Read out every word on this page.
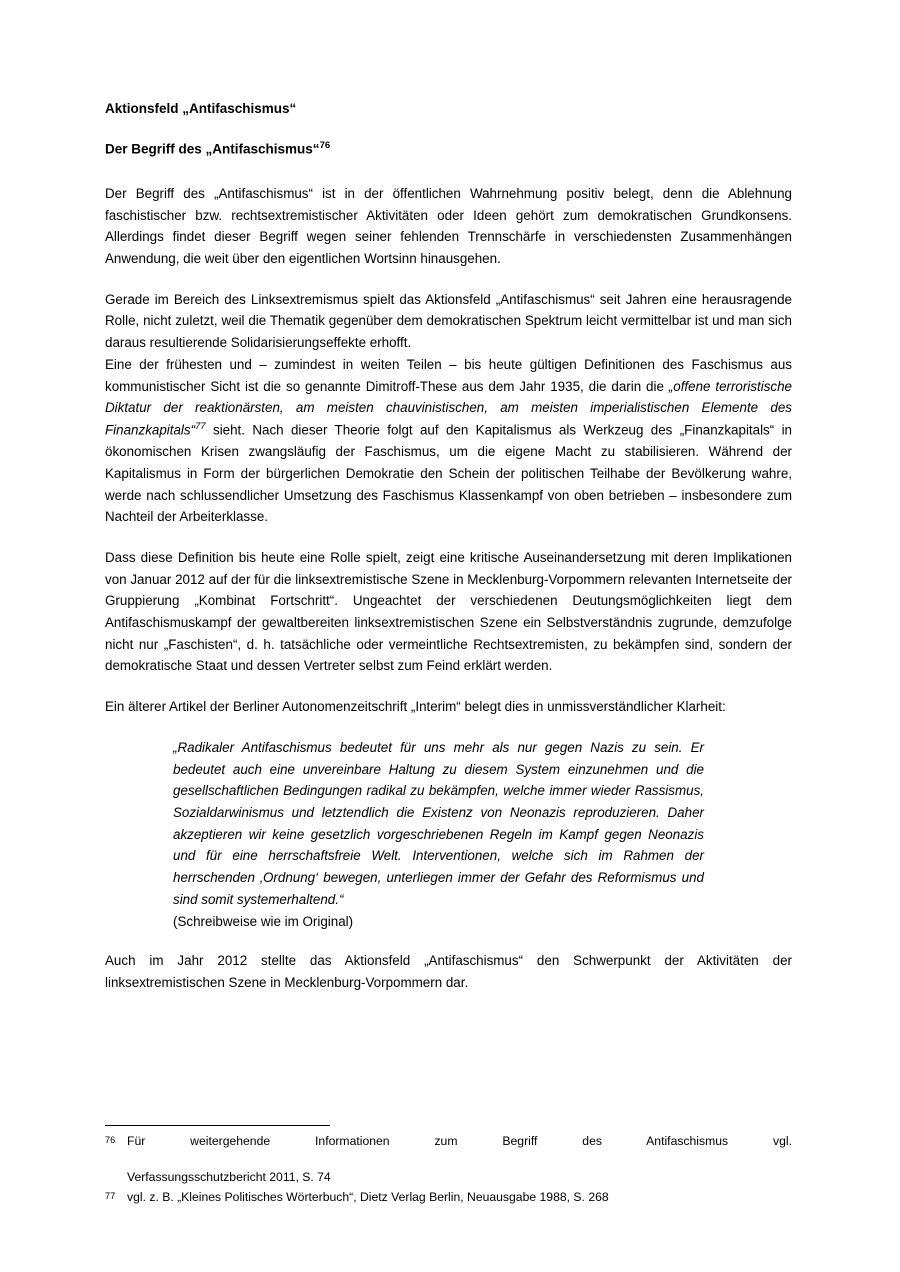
Aktionsfeld „Antifaschismus“
Der Begriff des „Antifaschismus“$^{76}$

Der Begriff des „Antifaschismus“ ist in der öffentlichen Wahrnehmung positiv belegt, denn die Ablehnung faschistischer bzw. rechtsextremistischer Aktivitäten oder Ideen gehört zum demokratischen Grundkonsens. Allerdings findet dieser Begriff wegen seiner fehlenden Trennschärfe in verschiedensten Zusammenhängen Anwendung, die weit über den eigentlichen Wortsinn hinausgehen.

Gerade im Bereich des Linksextremismus spielt das Aktionsfeld „Antifaschismus“ seit Jahren eine herausragende Rolle, nicht zuletzt, weil die Thematik gegenüber dem demokratischen Spektrum leicht vermittelbar ist und man sich daraus resultierende Solidarisierungseffekte erhofft.

Eine der frühesten und – zumindest in weiten Teilen – bis heute gültigen Definitionen des Faschismus aus kommunistischer Sicht ist die so genannte Dimitroff-These aus dem Jahr 1935, die darin die „offene terroristische Diktatur der reaktionärsten, am meisten chauvinistischen, am meisten imperialistischen Elemente des Finanzkapitals“$^{77}$ sieht. Nach dieser Theorie folgt auf den Kapitalismus als Werkzeug des „Finanzkapitals“ in ökonomischen Krisen zwangsläufig der Faschismus, um die eigene Macht zu stabilisieren. Während der Kapitalismus in Form der bürgerlichen Demokratie den Schein der politischen Teilhabe der Bevölkerung wahre, werde nach schlussendlicher Umsetzung des Faschismus Klassenkampf von oben betrieben – insbesondere zum Nachteil der Arbeiterklasse.

Dass diese Definition bis heute eine Rolle spielt, zeigt eine kritische Auseinandersetzung mit deren Implikationen von Januar 2012 auf der für die linksextremistische Szene in Mecklenburg-Vorpommern relevanten Internetseite der Gruppierung „Kombinat Fortschritt“. Ungeachtet der verschiedenen Deutungsmöglichkeiten liegt dem Antifaschismuskampf der gewaltbereiten linksextremistischen Szene ein Selbstverständnis zugrunde, demzufolge nicht nur „Faschisten“, d. h. tatsächliche oder vermeintliche Rechtsextremisten, zu bekämpfen sind, sondern der demokratische Staat und dessen Vertreter selbst zum Feind erklärt werden.

Ein älterer Artikel der Berliner Autonomenzeitschrift „Interim“ belegt dies in unmissverständlicher Klarheit:

„Radikaler Antifaschismus bedeutet für uns mehr als nur gegen Nazis zu sein. Er bedeutet auch eine unvereinbare Haltung zu diesem System einzunehmen und die gesellschaftlichen Bedingungen radikal zu bekämpfen, welche immer wieder Rassismus, Sozialdarwinismus und letztendlich die Existenz von Neonazis reproduzieren. Daher akzeptieren wir keine gesetzlich vorgeschriebenen Regeln im Kampf gegen Neonazis und für eine herrschaftsfreie Welt. Interventionen, welche sich im Rahmen der herrschenden ‚Ordnung‘ bewegen, unterliegen immer der Gefahr des Reformismus und sind somit systemerhaltend.“

(Schreibweise wie im Original)

Auch im Jahr 2012 stellte das Aktionsfeld „Antifaschismus“ den Schwerpunkt der Aktivitäten der linksextremistischen Szene in Mecklenburg-Vorpommern dar.

76 Für weitergehende Informationen zum Begriff des Antifaschismus vgl.
Verfassungsschutzbericht 2011, S. 74
77 vgl. z. B. „Kleines Politisches Wörterbuch“, Dietz Verlag Berlin, Neuausgabe 1988, S. 268
